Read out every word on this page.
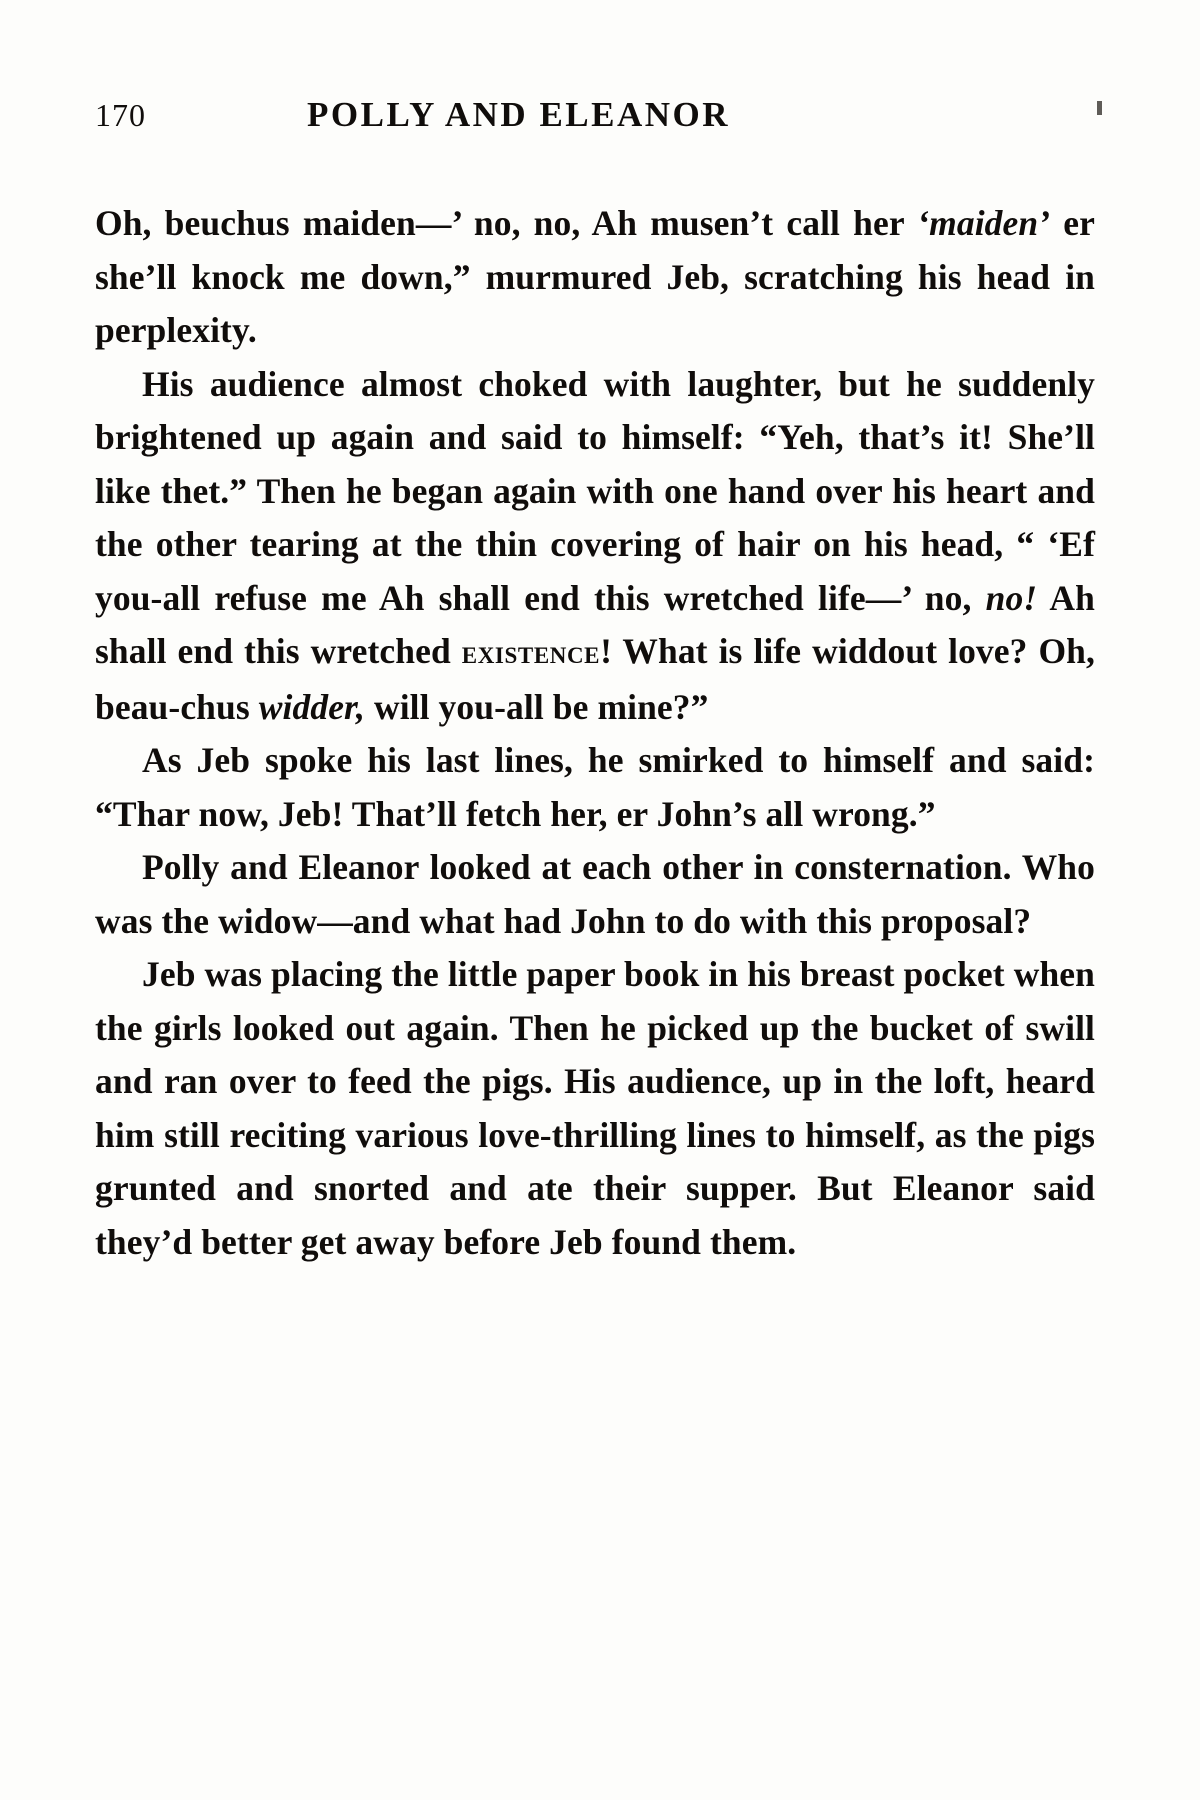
170	POLLY AND ELEANOR

Oh, beuchus maiden—’ no, no, Ah musen’t call her ‘maiden’ er she’ll knock me down,” murmured Jeb, scratching his head in perplexity.

His audience almost choked with laughter, but he suddenly brightened up again and said to himself: “Yeh, that’s it! She’ll like thet.” Then he began again with one hand over his heart and the other tearing at the thin covering of hair on his head, “ ‘Ef you-all refuse me Ah shall end this wretched life—’ no, no! Ah shall end this wretched existence! What is life widdout love? Oh, beau-chus widder, will you-all be mine?”

As Jeb spoke his last lines, he smirked to himself and said: “Thar now, Jeb! That’ll fetch her, er John’s all wrong.”

Polly and Eleanor looked at each other in consternation. Who was the widow—and what had John to do with this proposal?

Jeb was placing the little paper book in his breast pocket when the girls looked out again. Then he picked up the bucket of swill and ran over to feed the pigs. His audience, up in the loft, heard him still reciting various love-thrilling lines to himself, as the pigs grunted and snorted and ate their supper. But Eleanor said they’d better get away before Jeb found them.
